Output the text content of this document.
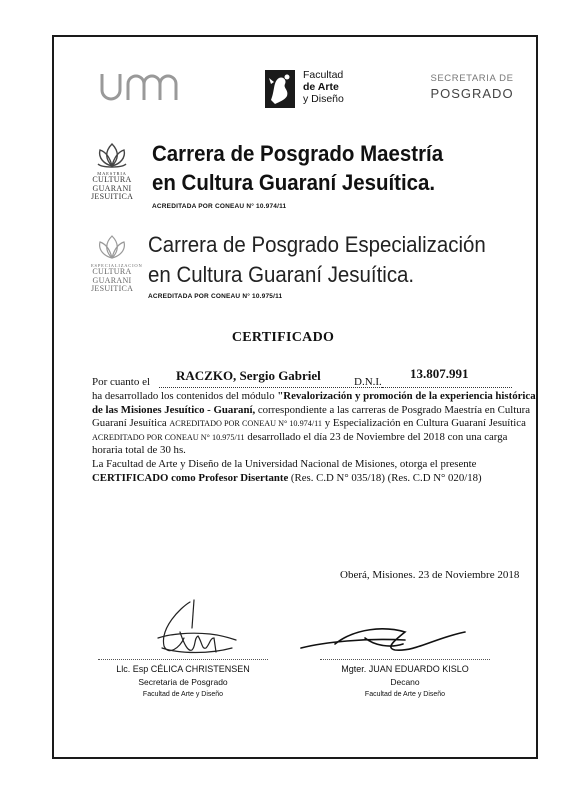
Facultad
de Arte
y Diseño
SECRETARIA DE
POSGRADO
MAESTRIA
CULTURA
GUARANI
JESUITICA
Carrera de Posgrado Maestría
en Cultura Guaraní Jesuítica.
ACREDITADA POR CONEAU N° 10.974/11
ESPECIALIZACION
CULTURA
GUARANI
JESUITICA
Carrera de Posgrado Especialización
en Cultura Guaraní Jesuítica.
ACREDITADA POR CONEAU N° 10.975/11
CERTIFICADO
Por cuanto el RACZKO, Sergio Gabriel	D.N.I.
13.807.991
ha desarrollado los contenidos del módulo "Revalorización y promoción de la experiencia histórica de las Misiones Jesuítico - Guaraní, correspondiente a las carreras de Posgrado Maestría en Cultura Guaraní Jesuítica ACREDITADO POR CONEAU N° 10.974/11 y Especialización en Cultura Guaraní Jesuítica ACREDITADO POR CONEAU N° 10.975/11 desarrollado el día 23 de Noviembre del 2018 con una carga horaria total de 30 hs.
La Facultad de Arte y Diseño de la Universidad Nacional de Misiones, otorga el presente
CERTIFICADO como Profesor Disertante (Res. C.D N° 035/18) (Res. C.D N° 020/18)
Oberá, Misiones. 23 de Noviembre 2018
Llc. Esp CÉLICA CHRISTENSEN
Secretaria de Posgrado
Facultad de Arte y Diseño
Mgter. JUAN EDUARDO KISLO
Decano
Facultad de Arte y Diseño
